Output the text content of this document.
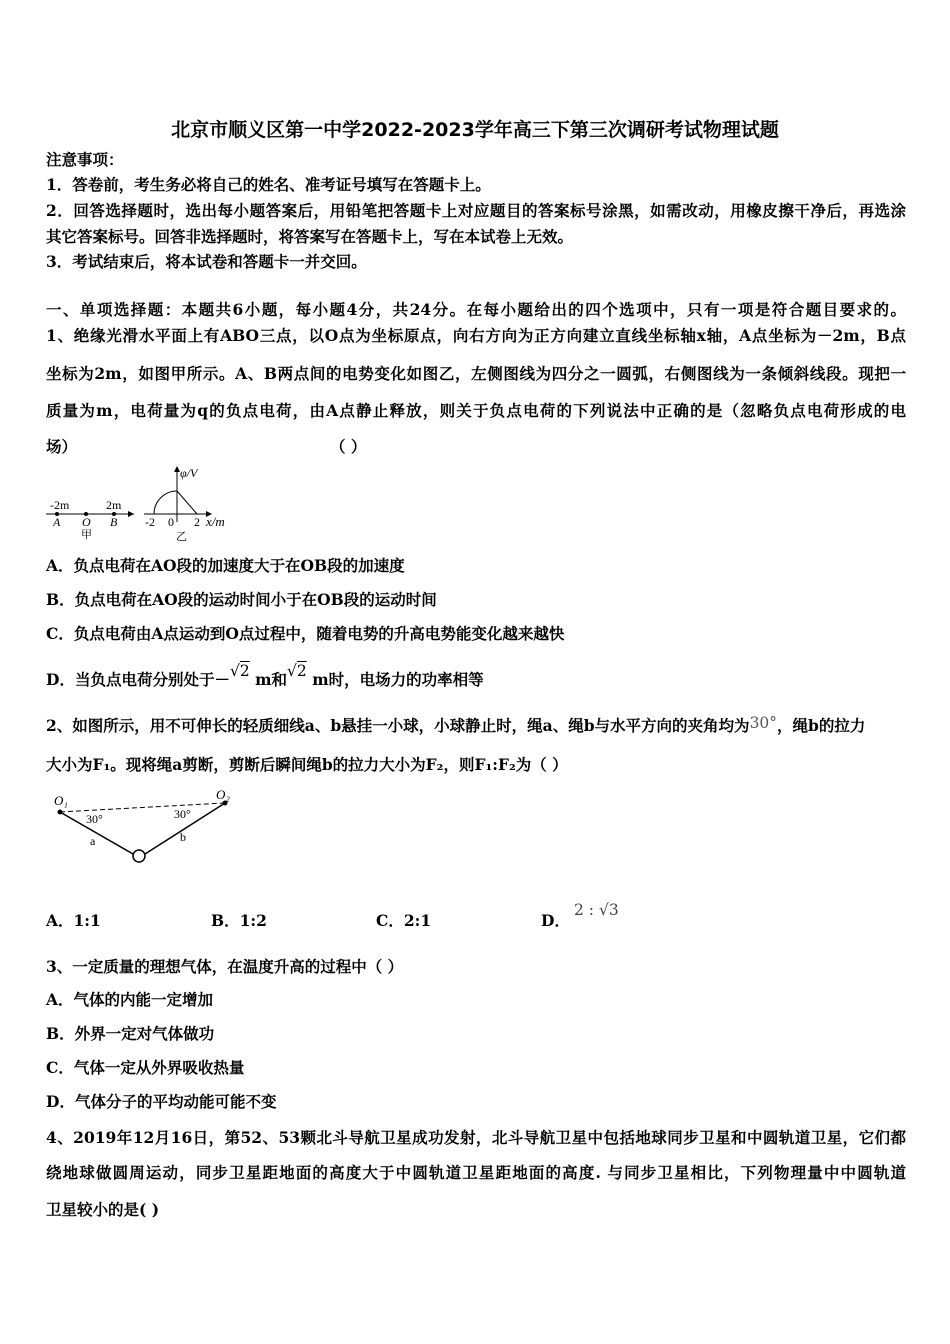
北京市顺义区第一中学2022-2023学年高三下第三次调研考试物理试题
注意事项：
1．答卷前，考生务必将自己的姓名、准考证号填写在答题卡上。
2．回答选择题时，选出每小题答案后，用铅笔把答题卡上对应题目的答案标号涂黑，如需改动，用橡皮擦干净后，再选涂
其它答案标号。回答非选择题时，将答案写在答题卡上，写在本试卷上无效。
3．考试结束后，将本试卷和答题卡一并交回。
一、单项选择题：本题共6小题，每小题4分，共24分。在每小题给出的四个选项中，只有一项是符合题目要求的。
1、绝缘光滑水平面上有ABO三点，以O点为坐标原点，向右方向为正方向建立直线坐标轴x轴，A点坐标为－2m，B点
坐标为2m，如图甲所示。A、B两点间的电势变化如图乙，左侧图线为四分之一圆弧，右侧图线为一条倾斜线段。现把一
质量为m，电荷量为q的负点电荷，由A点静止释放，则关于负点电荷的下列说法中正确的是（忽略负点电荷形成的电
场）	（ ）
-2m	2m
A O B
甲
φ/V
-2 0 2 x/m
乙
A．负点电荷在AO段的加速度大于在OB段的加速度
B．负点电荷在AO段的运动时间小于在OB段的运动时间
C．负点电荷由A点运动到O点过程中，随着电势的升高电势能变化越来越快
D．当负点电荷分别处于－√2 m和√2 m时，电场力的功率相等
2、如图所示，用不可伸长的轻质细线a、b悬挂一小球，小球静止时，绳a、绳b与水平方向的夹角均为30°，绳b的拉力
大小为F₁。现将绳a剪断，剪断后瞬间绳b的拉力大小为F₂，则F₁:F₂为（ ）
O₁	O₂
30°	30°
a	b
A．1:1	B．1:2	C．2:1	D．
2 : √3
3、一定质量的理想气体，在温度升高的过程中（ ）
A．气体的内能一定增加
B．外界一定对气体做功
C．气体一定从外界吸收热量
D．气体分子的平均动能可能不变
4、2019年12月16日，第52、53颗北斗导航卫星成功发射，北斗导航卫星中包括地球同步卫星和中圆轨道卫星，它们都
绕地球做圆周运动，同步卫星距地面的高度大于中圆轨道卫星距地面的高度. 与同步卫星相比，下列物理量中中圆轨道
卫星较小的是( )
